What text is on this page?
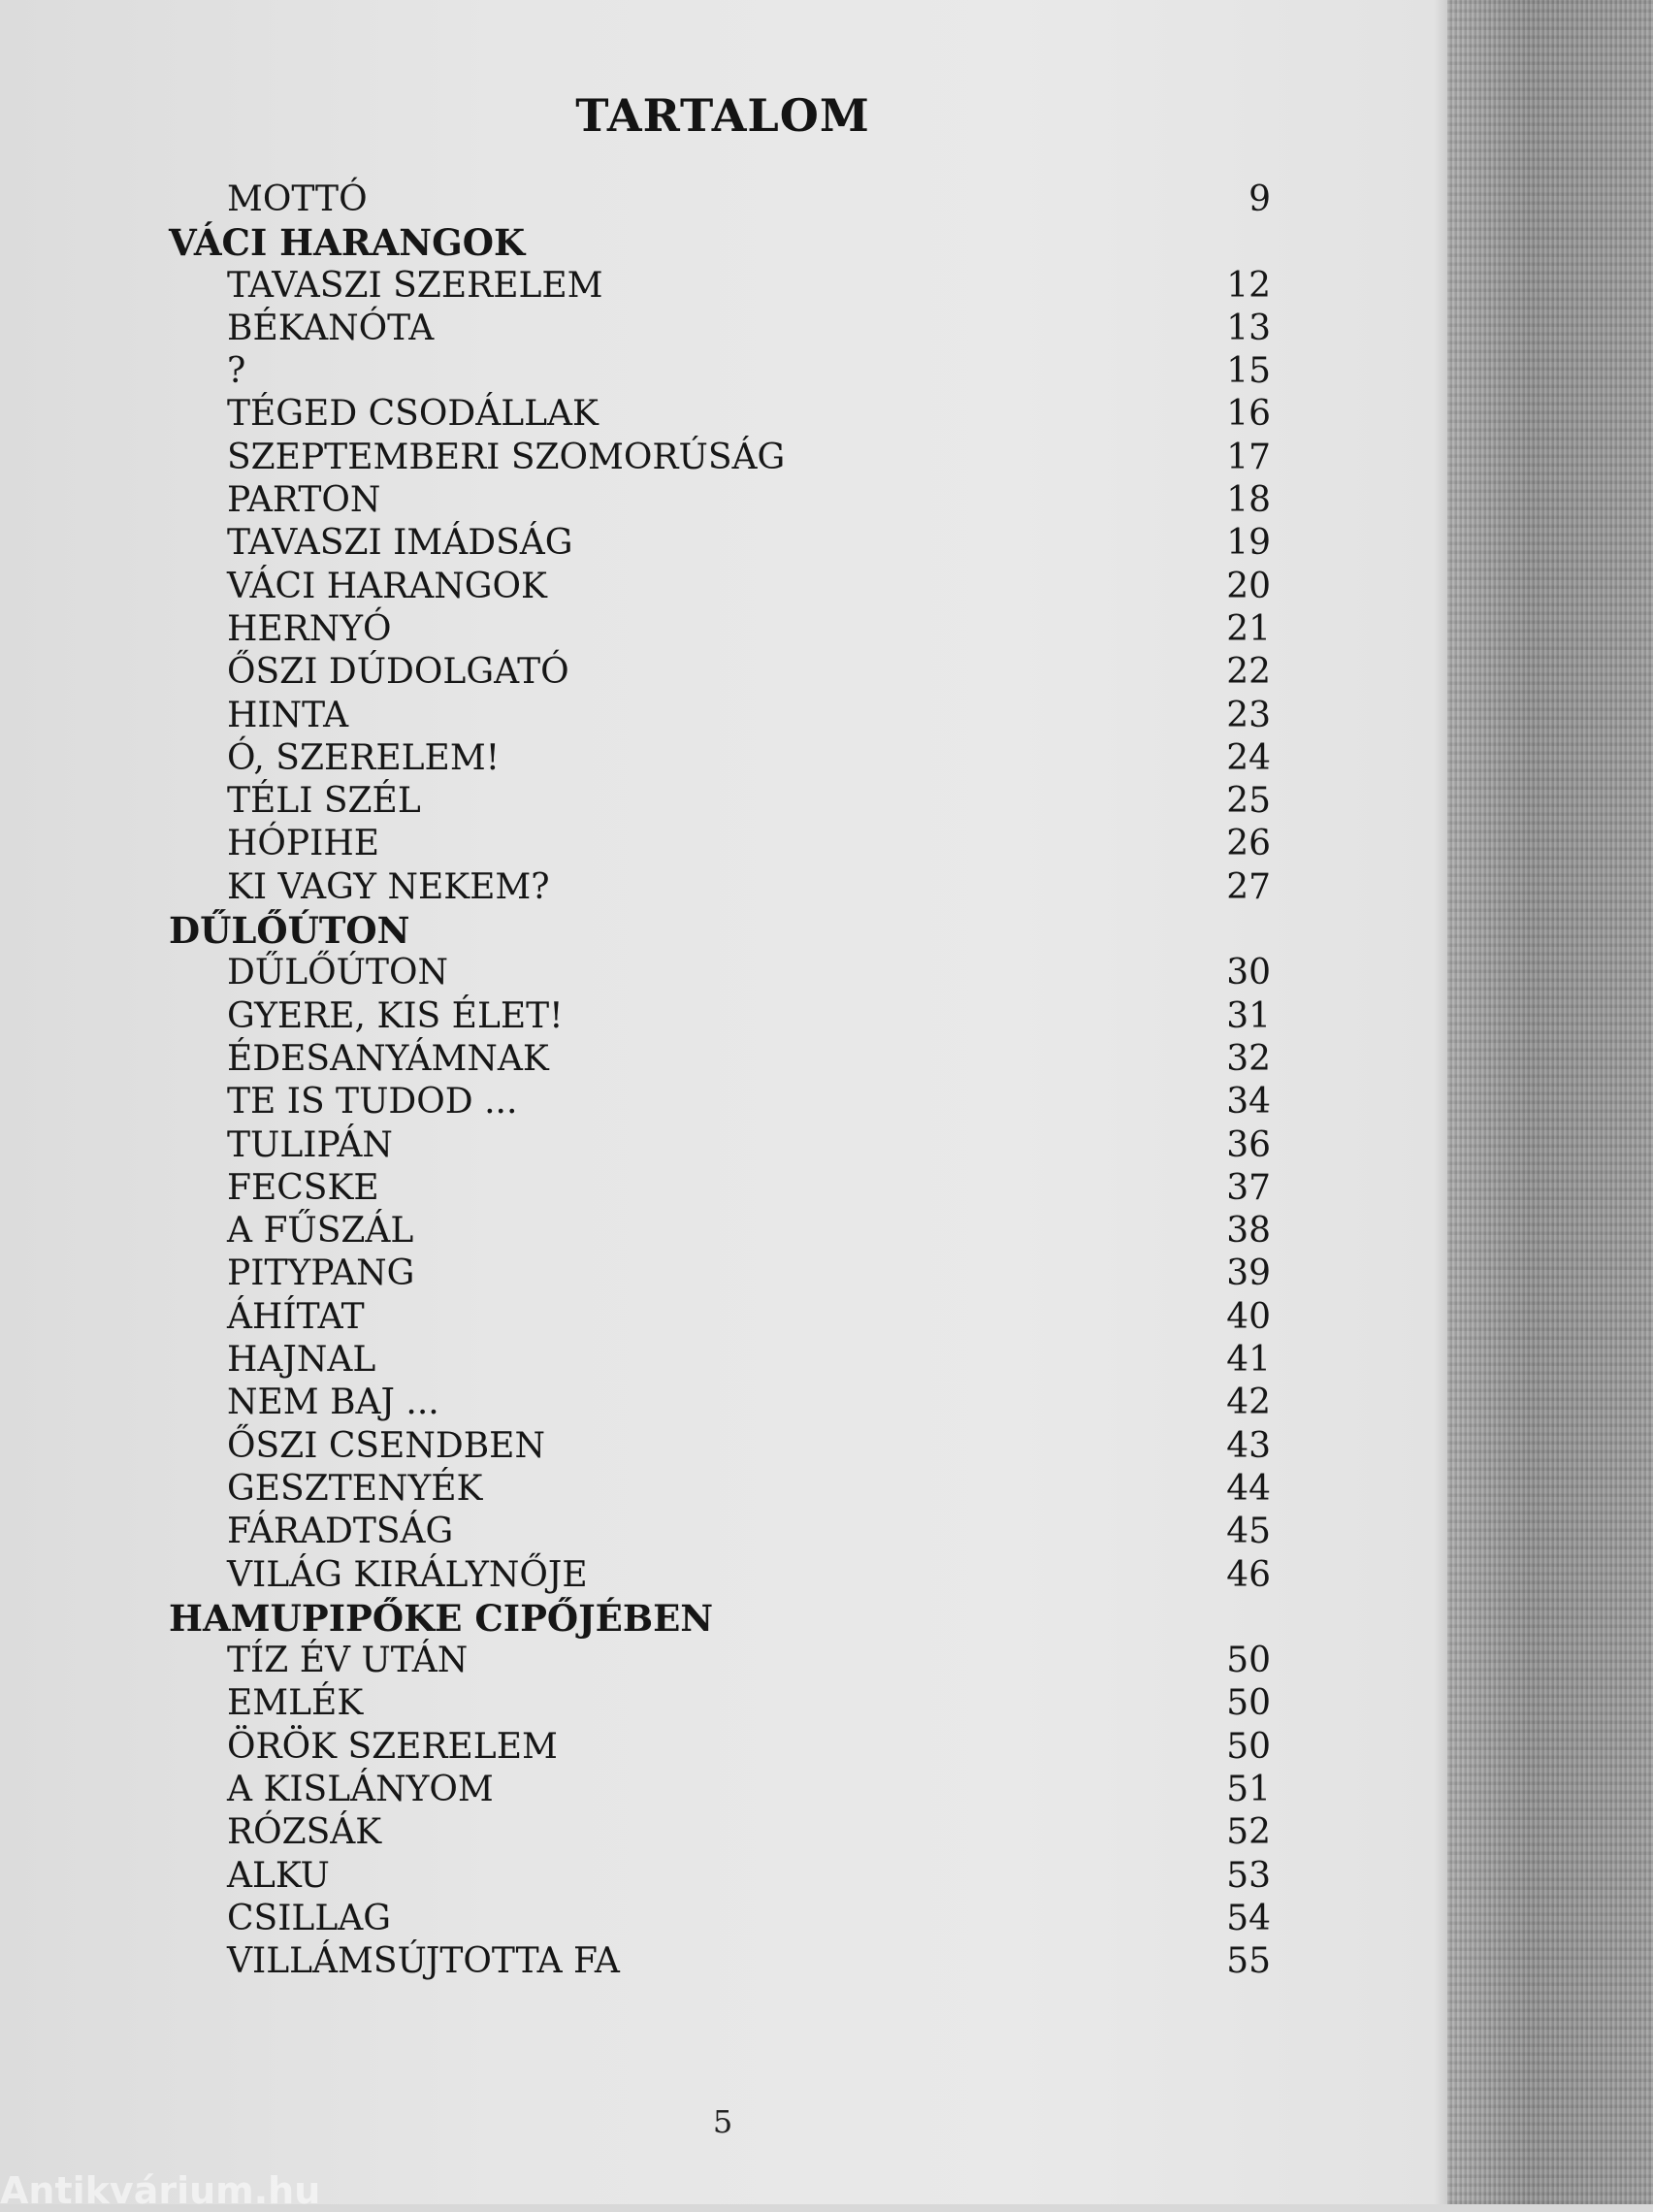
TARTALOM
MOTTÓ	9
VÁCI HARANGOK
TAVASZI SZERELEM	12
BÉKANÓTA	13
?	15
TÉGED CSODÁLLAK	16
SZEPTEMBERI SZOMORÚSÁG	17
PARTON	18
TAVASZI IMÁDSÁG	19
VÁCI HARANGOK	20
HERNYÓ	21
ŐSZI DÚDOLGATÓ	22
HINTA	23
Ó, SZERELEM!	24
TÉLI SZÉL	25
HÓPIHE	26
KI VAGY NEKEM?	27
DŰLŐÚTON
DŰLŐÚTON	30
GYERE, KIS ÉLET!	31
ÉDESANYÁMNAK	32
TE IS TUDOD ...	34
TULIPÁN	36
FECSKE	37
A FŰSZÁL	38
PITYPANG	39
ÁHÍTAT	40
HAJNAL	41
NEM BAJ ...	42
ŐSZI CSENDBEN	43
GESZTENYÉK	44
FÁRADTSÁG	45
VILÁG KIRÁLYNŐJE	46
HAMUPIPŐKE CIPŐJÉBEN
TÍZ ÉV UTÁN	50
EMLÉK	50
ÖRÖK SZERELEM	50
A KISLÁNYOM	51
RÓZSÁK	52
ALKU	53
CSILLAG	54
VILLÁMSÚJTOTTA FA	55
5
Antikvárium.hu
